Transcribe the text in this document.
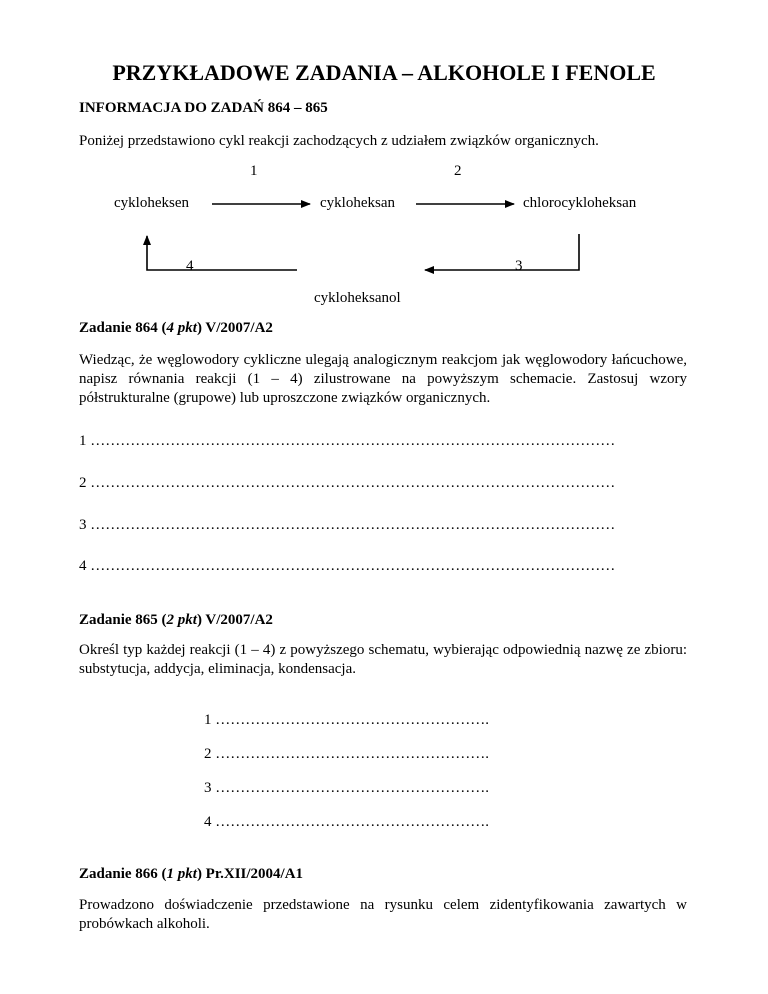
PRZYKŁADOWE ZADANIA – ALKOHOLE I FENOLE
INFORMACJA DO ZADAŃ 864 – 865
Poniżej przedstawiono cykl reakcji zachodzących z udziałem związków organicznych.
1	2
cykloheksen	cykloheksan	chlorocykloheksan
4	3
cykloheksanol
Zadanie 864 (4 pkt) V/2007/A2
Wiedząc, że węglowodory cykliczne ulegają analogicznym reakcjom jak węglowodory łańcuchowe, napisz równania reakcji (1 – 4) zilustrowane na powyższym schemacie. Zastosuj wzory półstrukturalne (grupowe) lub uproszczone związków organicznych.
1 ……………………………………………………………………………………………
2 ……………………………………………………………………………………………
3 ……………………………………………………………………………………………
4 ……………………………………………………………………………………………
Zadanie 865 (2 pkt) V/2007/A2
Określ typ każdej reakcji (1 – 4) z powyższego schematu, wybierając odpowiednią nazwę ze zbioru: substytucja, addycja, eliminacja, kondensacja.
1 ……………………………………………….
2 ……………………………………………….
3 ……………………………………………….
4 ……………………………………………….
Zadanie 866 (1 pkt) Pr.XII/2004/A1
Prowadzono doświadczenie przedstawione na rysunku celem zidentyfikowania zawartych w probówkach alkoholi.
